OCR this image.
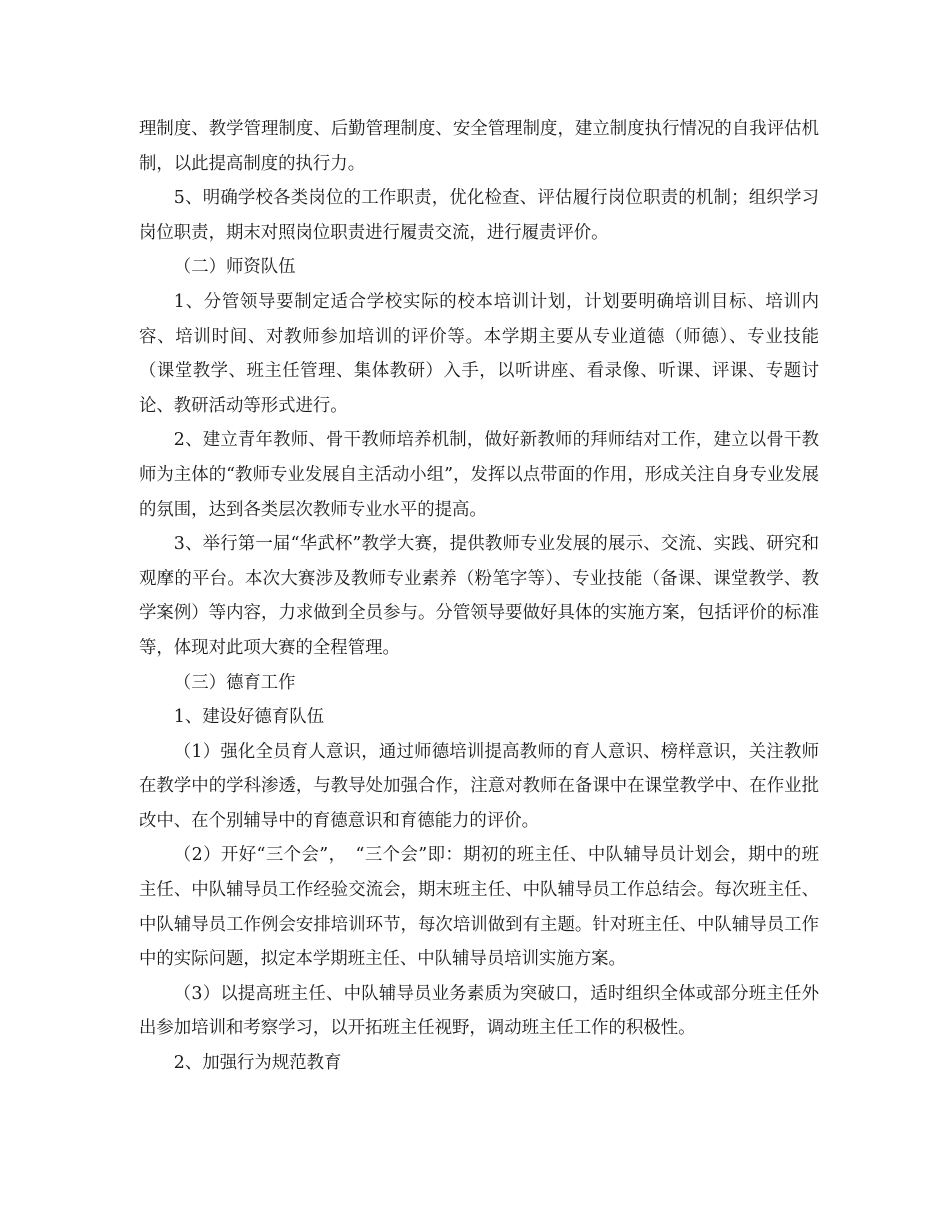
理制度、教学管理制度、后勤管理制度、安全管理制度，建立制度执行情况的自我评估机制，以此提高制度的执行力。

5、明确学校各类岗位的工作职责，优化检查、评估履行岗位职责的机制；组织学习岗位职责，期末对照岗位职责进行履责交流，进行履责评价。

（二）师资队伍

1、分管领导要制定适合学校实际的校本培训计划，计划要明确培训目标、培训内容、培训时间、对教师参加培训的评价等。本学期主要从专业道德（师德）、专业技能（课堂教学、班主任管理、集体教研）入手，以听讲座、看录像、听课、评课、专题讨论、教研活动等形式进行。

2、建立青年教师、骨干教师培养机制，做好新教师的拜师结对工作，建立以骨干教师为主体的“教师专业发展自主活动小组”，发挥以点带面的作用，形成关注自身专业发展的氛围，达到各类层次教师专业水平的提高。

3、举行第一届“华武杯”教学大赛，提供教师专业发展的展示、交流、实践、研究和观摩的平台。本次大赛涉及教师专业素养（粉笔字等）、专业技能（备课、课堂教学、教学案例）等内容，力求做到全员参与。分管领导要做好具体的实施方案，包括评价的标准等，体现对此项大赛的全程管理。

（三）德育工作

1、建设好德育队伍

（1）强化全员育人意识，通过师德培训提高教师的育人意识、榜样意识，关注教师在教学中的学科渗透，与教导处加强合作，注意对教师在备课中在课堂教学中、在作业批改中、在个别辅导中的育德意识和育德能力的评价。

（2）开好“三个会”，　“三个会”即：期初的班主任、中队辅导员计划会，期中的班主任、中队辅导员工作经验交流会，期末班主任、中队辅导员工作总结会。每次班主任、中队辅导员工作例会安排培训环节，每次培训做到有主题。针对班主任、中队辅导员工作中的实际问题，拟定本学期班主任、中队辅导员培训实施方案。

（3）以提高班主任、中队辅导员业务素质为突破口，适时组织全体或部分班主任外出参加培训和考察学习，以开拓班主任视野，调动班主任工作的积极性。

2、加强行为规范教育
